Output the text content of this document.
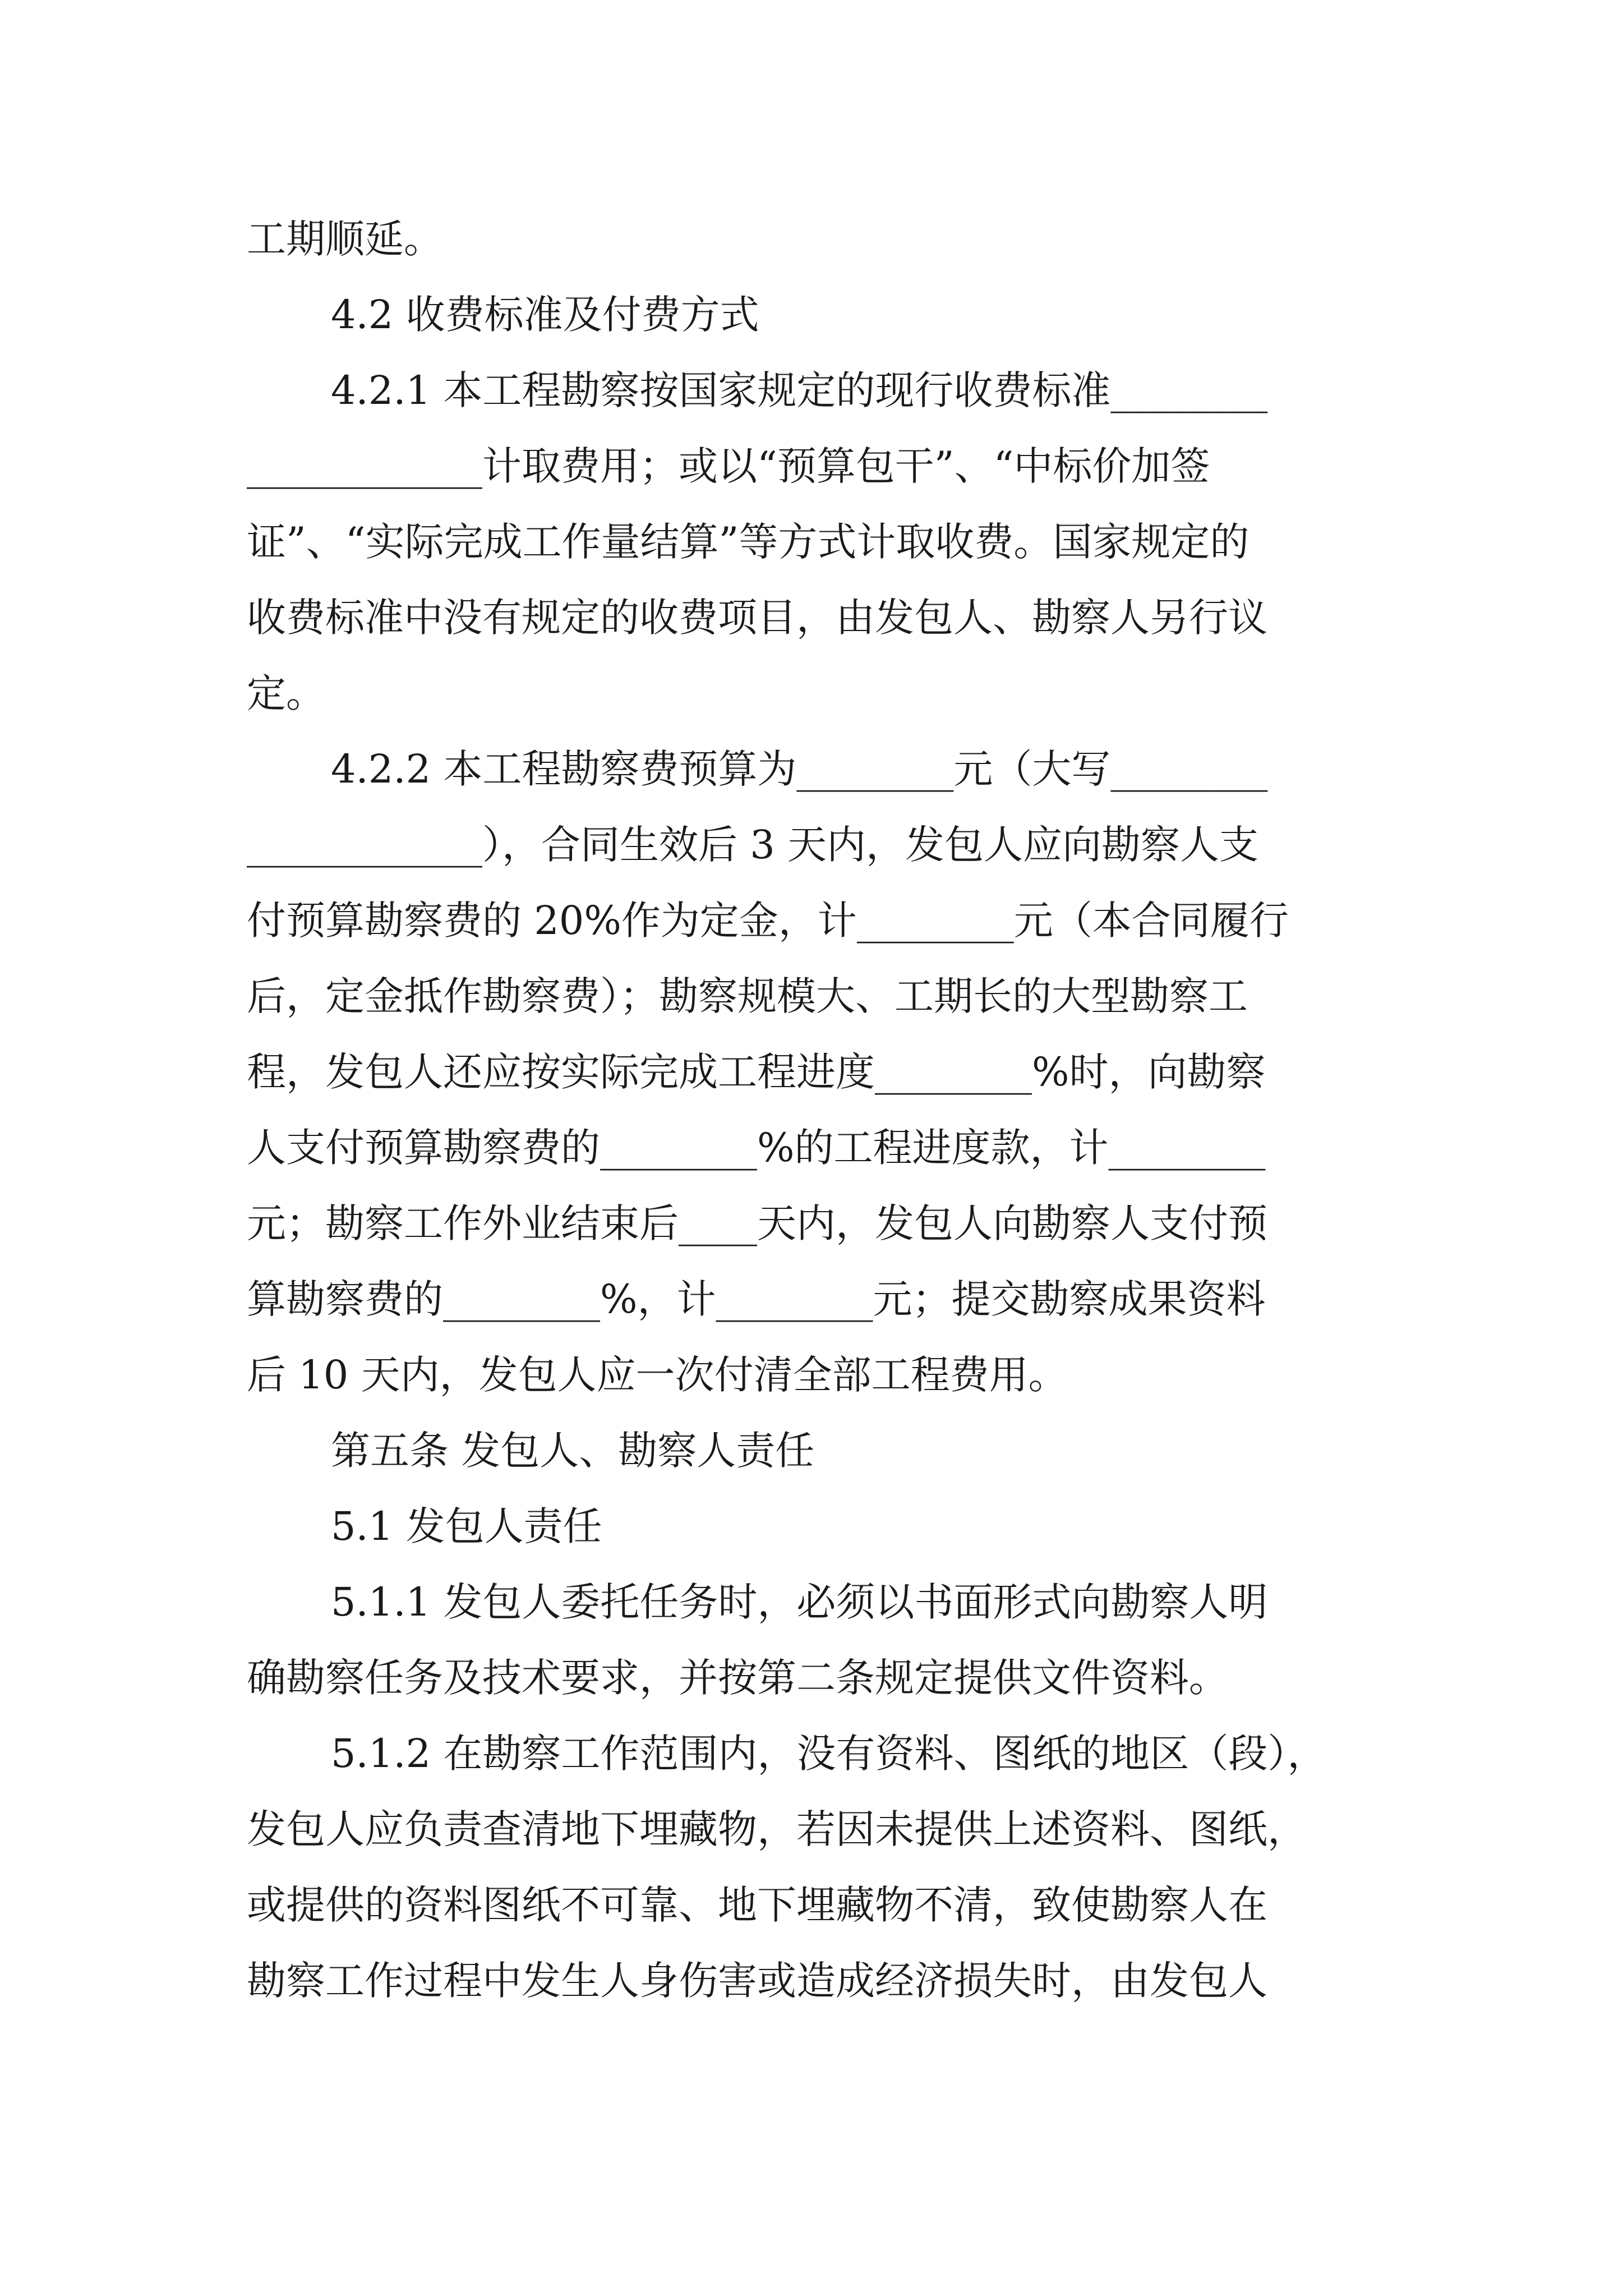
工期顺延。

4.2 收费标准及付费方式

4.2.1 本工程勘察按国家规定的现行收费标准________

____________计取费用；或以“预算包干”、“中标价加签

证”、“实际完成工作量结算”等方式计取收费。国家规定的

收费标准中没有规定的收费项目，由发包人、勘察人另行议

定。

4.2.2 本工程勘察费预算为________元（大写________

____________），合同生效后 3 天内，发包人应向勘察人支

付预算勘察费的 20%作为定金，计________元（本合同履行

后，定金抵作勘察费）；勘察规模大、工期长的大型勘察工

程，发包人还应按实际完成工程进度________%时，向勘察

人支付预算勘察费的________%的工程进度款，计________

元；勘察工作外业结束后____天内，发包人向勘察人支付预

算勘察费的________%，计________元；提交勘察成果资料

后 10 天内，发包人应一次付清全部工程费用。

第五条 发包人、勘察人责任

5.1 发包人责任

5.1.1 发包人委托任务时，必须以书面形式向勘察人明

确勘察任务及技术要求，并按第二条规定提供文件资料。

5.1.2 在勘察工作范围内，没有资料、图纸的地区（段），

发包人应负责查清地下埋藏物，若因未提供上述资料、图纸，

或提供的资料图纸不可靠、地下埋藏物不清，致使勘察人在

勘察工作过程中发生人身伤害或造成经济损失时，由发包人
